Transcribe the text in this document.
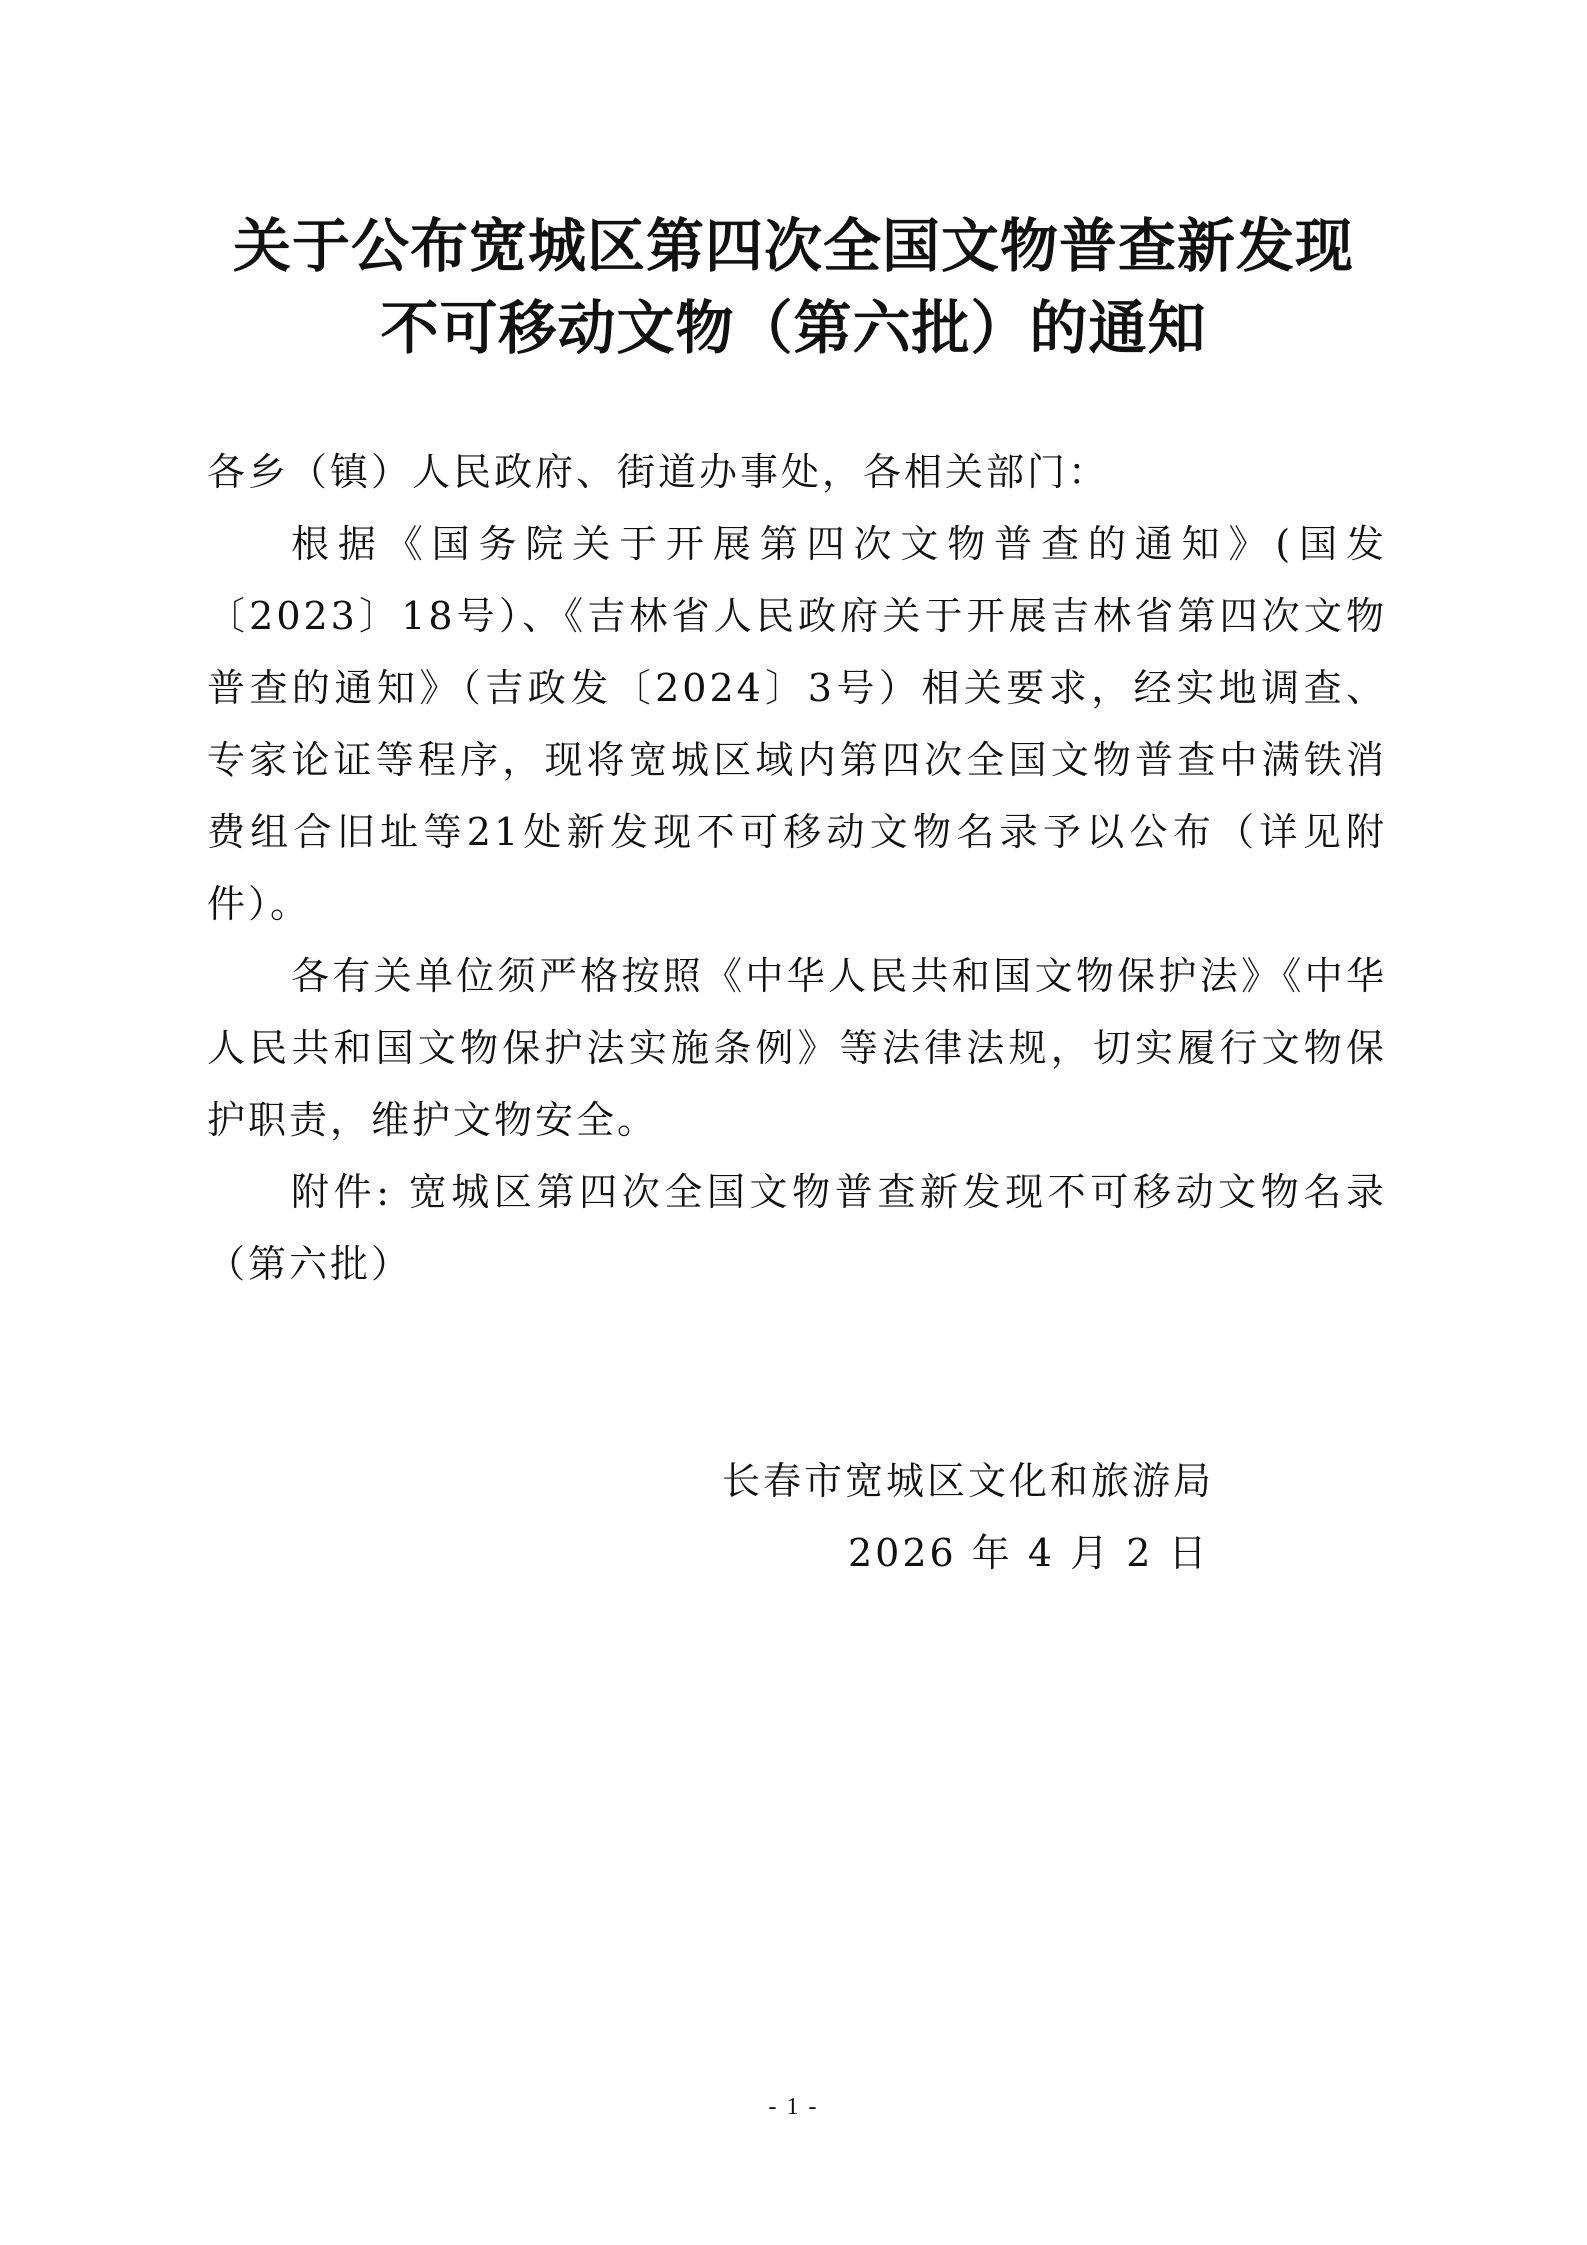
关于公布宽城区第四次全国文物普查新发现
不可移动文物（第六批）的通知

各乡（镇）人民政府、街道办事处，各相关部门：

根据《国务院关于开展第四次文物普查的通知》(国发〔2023〕18号）、《吉林省人民政府关于开展吉林省第四次文物普查的通知》（吉政发〔2024〕3号）相关要求，经实地调查、专家论证等程序，现将宽城区域内第四次全国文物普查中满铁消费组合旧址等21处新发现不可移动文物名录予以公布（详见附件）。

各有关单位须严格按照《中华人民共和国文物保护法》《中华人民共和国文物保护法实施条例》等法律法规，切实履行文物保护职责，维护文物安全。

附件: 宽城区第四次全国文物普查新发现不可移动文物名录（第六批）

长春市宽城区文化和旅游局
2026 年 4 月 2 日
- 1 -
